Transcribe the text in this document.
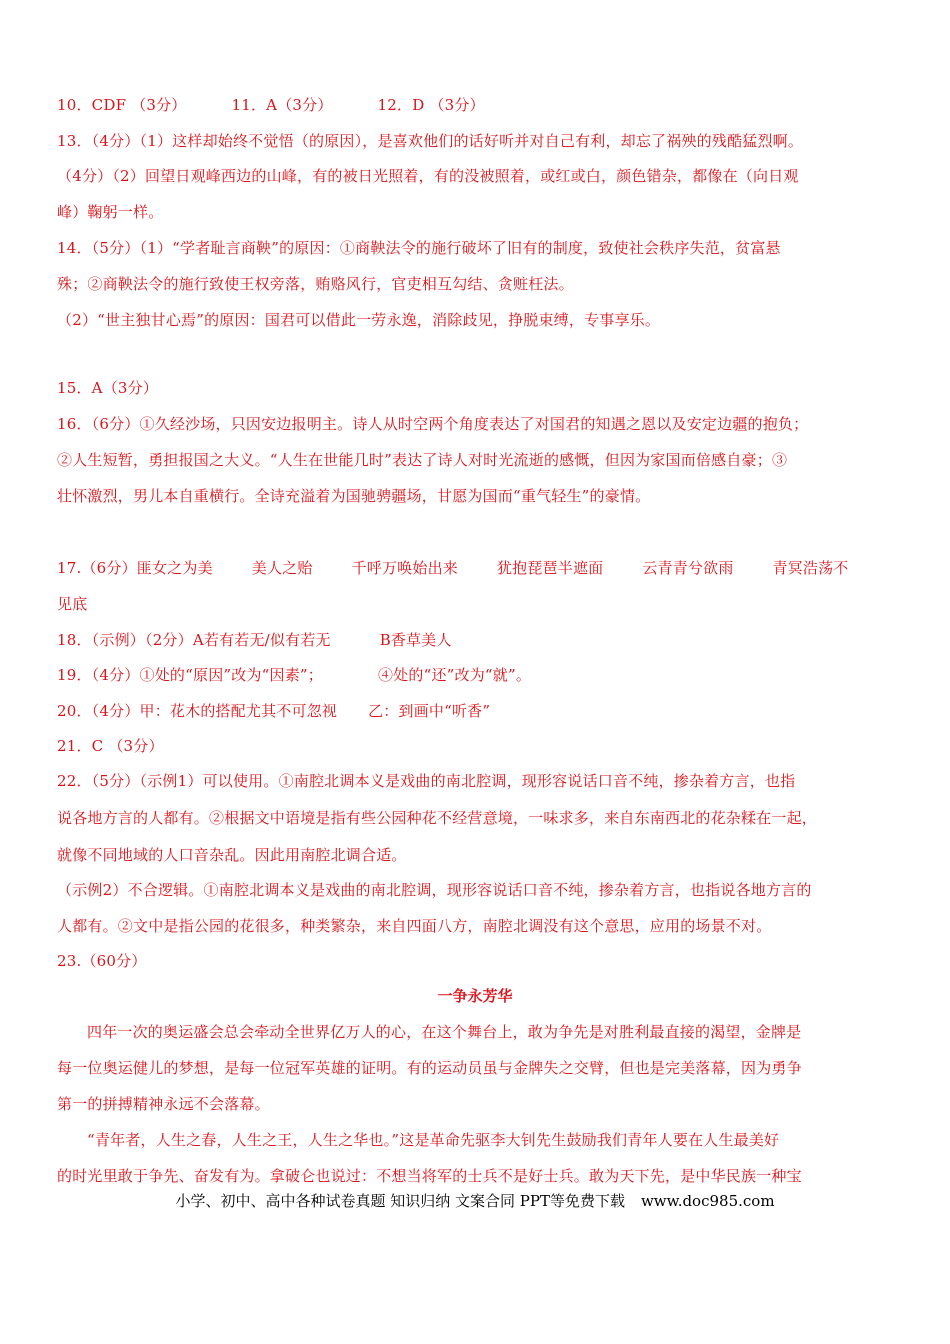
10．CDF （3分）	11．A（3分）	12．D （3分）
13．（4分）（1）这样却始终不觉悟（的原因），是喜欢他们的话好听并对自己有利，却忘了祸殃的残酷猛烈啊。
（4分）（2）回望日观峰西边的山峰，有的被日光照着，有的没被照着，或红或白，颜色错杂，都像在（向日观
峰）鞠躬一样。
14．（5分）（1）“学者耻言商鞅”的原因：①商鞅法令的施行破坏了旧有的制度，致使社会秩序失范，贫富悬
殊；②商鞅法令的施行致使王权旁落，贿赂风行，官吏相互勾结、贪赃枉法。
（2）“世主独甘心焉”的原因：国君可以借此一劳永逸，消除歧见，挣脱束缚，专事享乐。
15．A（3分）
16．（6分）①久经沙场，只因安边报明主。诗人从时空两个角度表达了对国君的知遇之恩以及安定边疆的抱负；
②人生短暂，勇担报国之大义。“人生在世能几时”表达了诗人对时光流逝的感慨，但因为家国而倍感自豪；③
壮怀激烈，男儿本自重横行。全诗充溢着为国驰骋疆场，甘愿为国而“重气轻生”的豪情。
17.（6分）匪女之为美	美人之贻	千呼万唤始出来	犹抱琵琶半遮面	云青青兮欲雨	青冥浩荡不
见底
18．（示例）（2分）A若有若无/似有若无	B香草美人
19．（4分）①处的“原因”改为“因素”；	④处的“还”改为“就”。
20．（4分）甲：花木的搭配尤其不可忽视 乙：到画中“听香”
21．C （3分）
22．（5分）（示例1）可以使用。①南腔北调本义是戏曲的南北腔调，现形容说话口音不纯，掺杂着方言，也指
说各地方言的人都有。②根据文中语境是指有些公园种花不经营意境，一味求多，来自东南西北的花杂糅在一起，
就像不同地域的人口音杂乱。因此用南腔北调合适。
（示例2）不合逻辑。①南腔北调本义是戏曲的南北腔调，现形容说话口音不纯，掺杂着方言，也指说各地方言的
人都有。②文中是指公园的花很多，种类繁杂，来自四面八方，南腔北调没有这个意思，应用的场景不对。
23.（60分）
一争永芳华
四年一次的奥运盛会总会牵动全世界亿万人的心，在这个舞台上，敢为争先是对胜利最直接的渴望，金牌是
每一位奥运健儿的梦想，是每一位冠军英雄的证明。有的运动员虽与金牌失之交臂，但也是完美落幕，因为勇争
第一的拼搏精神永远不会落幕。
“青年者，人生之春，人生之王，人生之华也。”这是革命先驱李大钊先生鼓励我们青年人要在人生最美好
的时光里敢于争先、奋发有为。拿破仑也说过：不想当将军的士兵不是好士兵。敢为天下先，是中华民族一种宝
小学、初中、高中各种试卷真题 知识归纳 文案合同 PPT等免费下载 www.doc985.com
